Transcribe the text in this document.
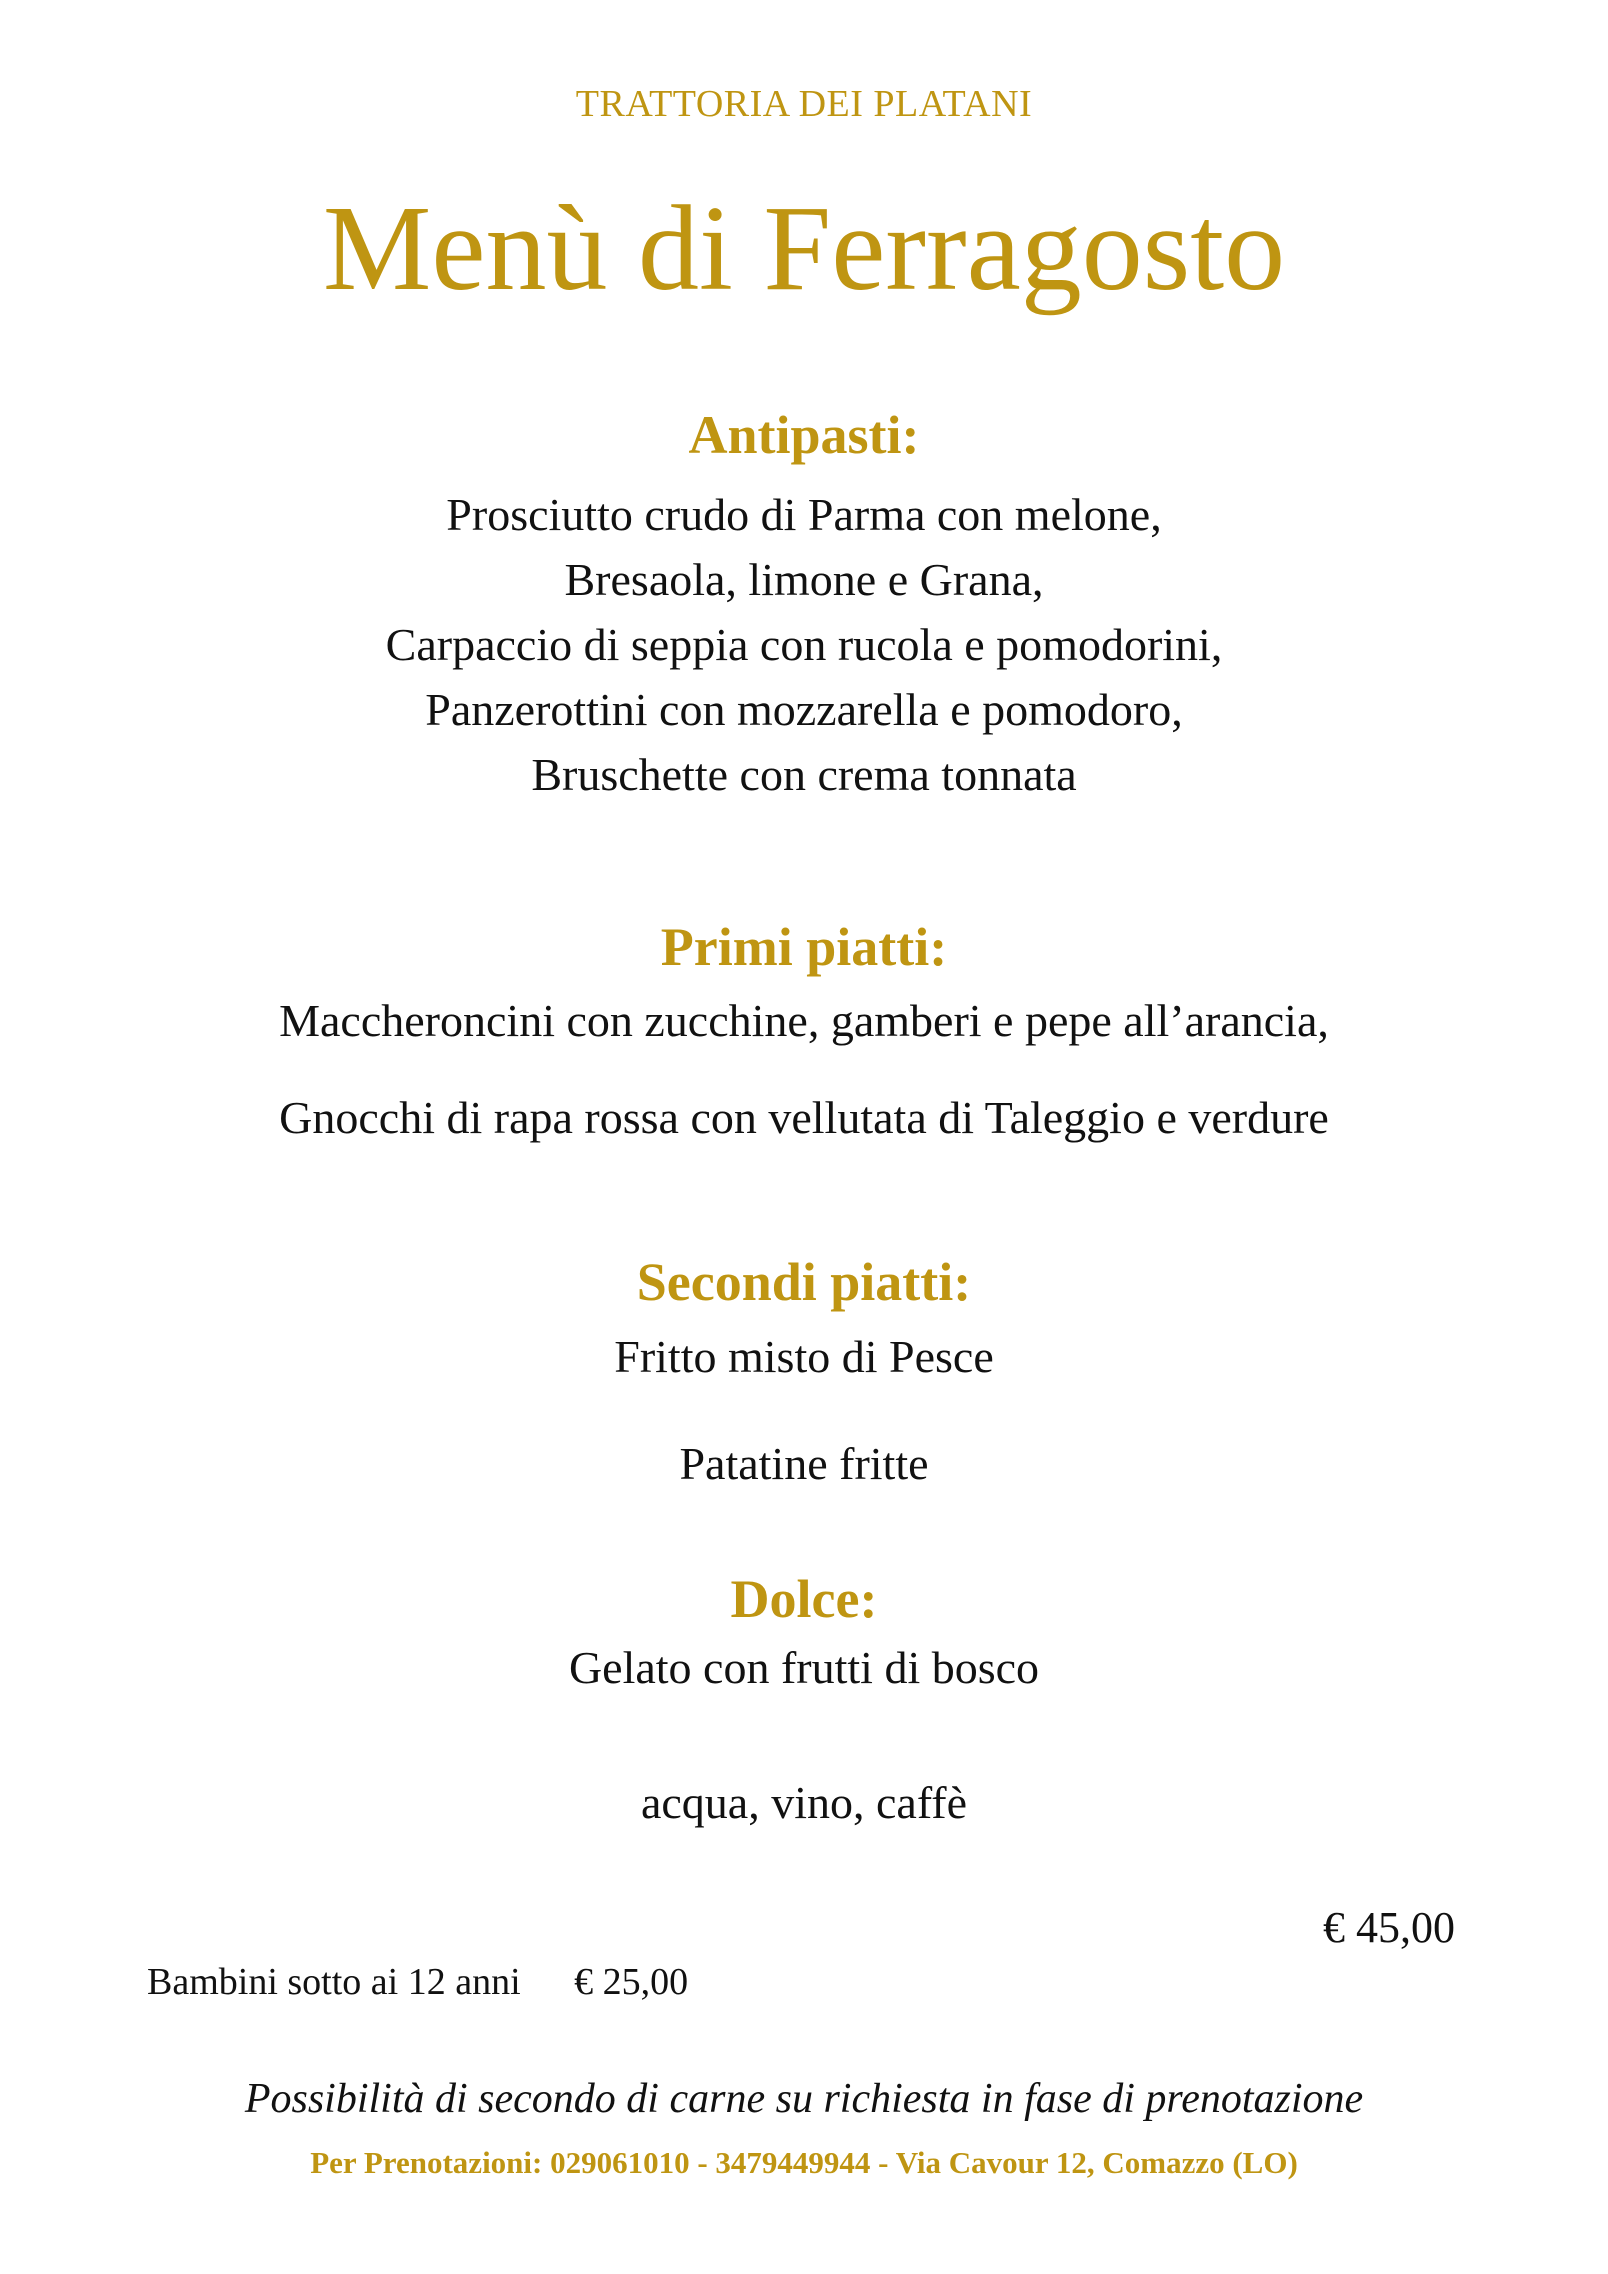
TRATTORIA DEI PLATANI
Menù di Ferragosto
Antipasti:
Prosciutto crudo di Parma con melone,
Bresaola, limone e Grana,
Carpaccio di seppia con rucola e pomodorini,
Panzerottini con mozzarella e pomodoro,
Bruschette con crema tonnata
Primi piatti:
Maccheroncini con zucchine, gamberi e pepe all’arancia,
Gnocchi di rapa rossa con vellutata di Taleggio e verdure
Secondi piatti:
Fritto misto di Pesce
Patatine fritte
Dolce:
Gelato con frutti di bosco
acqua, vino, caffè
€ 45,00
Bambini sotto ai 12 anni € 25,00
Possibilità di secondo di carne su richiesta in fase di prenotazione
Per Prenotazioni: 029061010 - 3479449944 - Via Cavour 12, Comazzo (LO)
